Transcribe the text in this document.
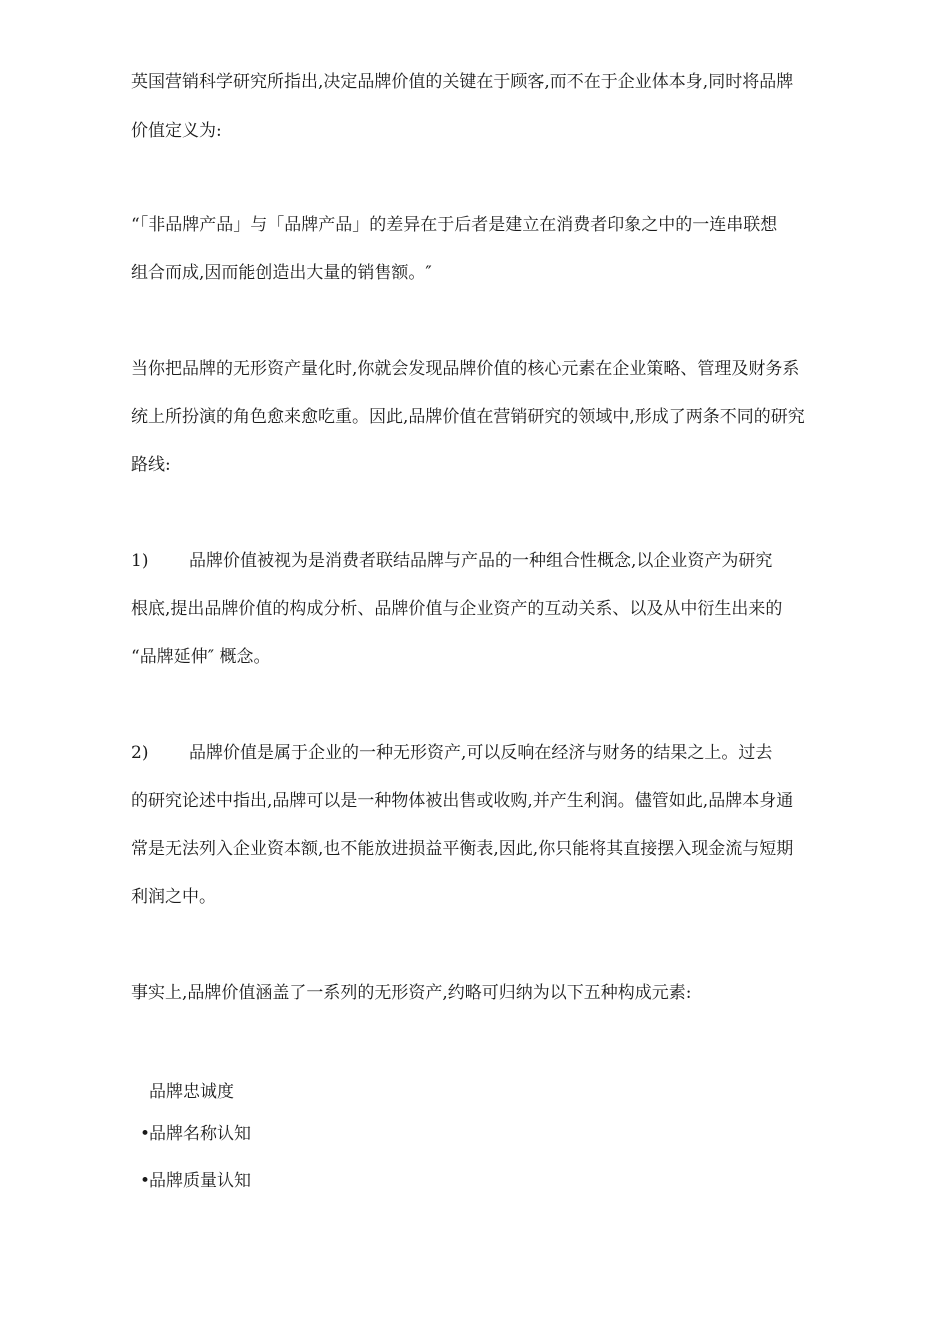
英国营销科学研究所指出,决定品牌价值的关键在于顾客,而不在于企业体本身,同时将品牌
价值定义为:
“「非品牌产品」与「品牌产品」的差异在于后者是建立在消费者印象之中的一连串联想
组合而成,因而能创造出大量的销售额。″
当你把品牌的无形资产量化时,你就会发现品牌价值的核心元素在企业策略、管理及财务系
统上所扮演的角色愈来愈吃重。因此,品牌价值在营销研究的领域中,形成了两条不同的研究
路线:
1) 品牌价值被视为是消费者联结品牌与产品的一种组合性概念,以企业资产为研究
根底,提出品牌价值的构成分析、品牌价值与企业资产的互动关系、以及从中衍生出来的
“品牌延伸″ 概念。
2) 品牌价值是属于企业的一种无形资产,可以反响在经济与财务的结果之上。过去
的研究论述中指出,品牌可以是一种物体被出售或收购,并产生利润。儘管如此,品牌本身通
常是无法列入企业资本额,也不能放进损益平衡表,因此,你只能将其直接摆入现金流与短期
利润之中。
事实上,品牌价值涵盖了一系列的无形资产,约略可归纳为以下五种构成元素:
品牌忠诚度
•品牌名称认知
•品牌质量认知
